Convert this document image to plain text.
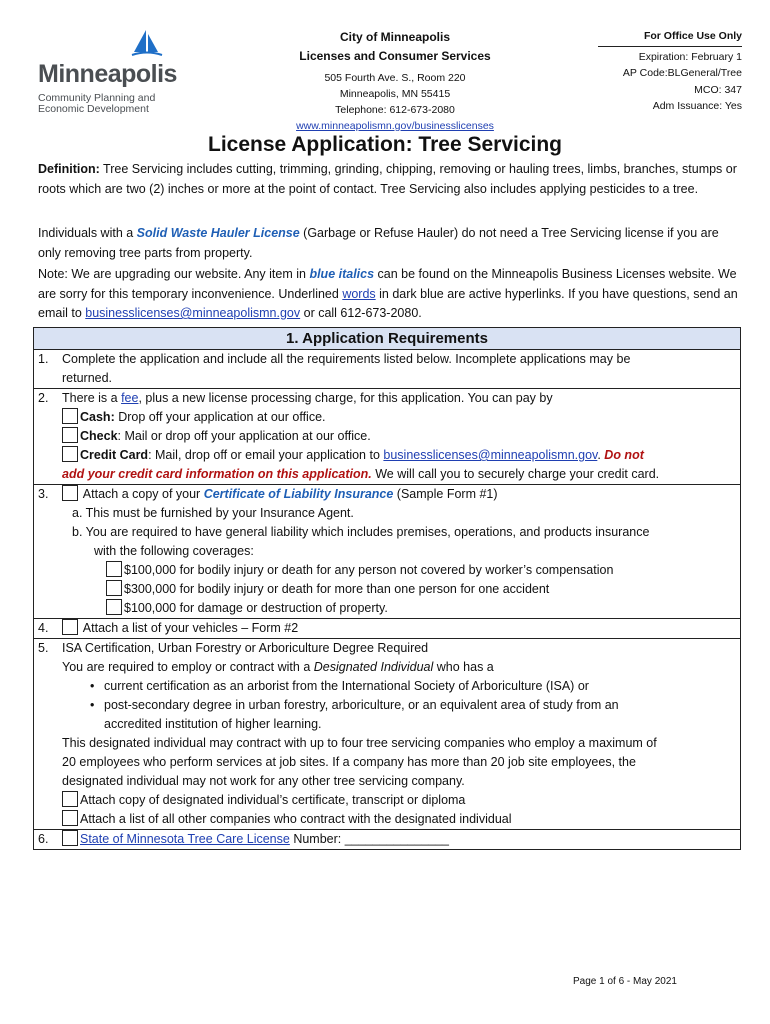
Minneapolis
Community Planning and
Economic Development
City of Minneapolis
Licenses and Consumer Services
505 Fourth Ave. S., Room 220
Minneapolis, MN 55415
Telephone: 612-673-2080
www.minneapolismn.gov/businesslicenses
For Office Use Only
Expiration: February 1
AP Code:BLGeneral/Tree
MCO: 347
Adm Issuance: Yes
License Application: Tree Servicing
Definition: Tree Servicing includes cutting, trimming, grinding, chipping, removing or hauling trees, limbs, branches, stumps or roots which are two (2) inches or more at the point of contact. Tree Servicing also includes applying pesticides to a tree.
Individuals with a Solid Waste Hauler License (Garbage or Refuse Hauler) do not need a Tree Servicing license if you are only removing tree parts from property.
Note: We are upgrading our website. Any item in blue italics can be found on the Minneapolis Business Licenses website. We are sorry for this temporary inconvenience. Underlined words in dark blue are active hyperlinks. If you have questions, send an email to businesslicenses@minneapolismn.gov or call 612-673-2080.
1. Application Requirements
1. Complete the application and include all the requirements listed below. Incomplete applications may be
returned.
2. There is a fee, plus a new license processing charge, for this application. You can pay by
Cash: Drop off your application at our office.
Check: Mail or drop off your application at our office.
Credit Card: Mail, drop off or email your application to businesslicenses@minneapolismn.gov. Do not
add your credit card information on this application. We will call you to securely charge your credit card.
3.	Attach a copy of your Certificate of Liability Insurance (Sample Form #1)
a. This must be furnished by your Insurance Agent.
b. You are required to have general liability which includes premises, operations, and products insurance
with the following coverages:
$100,000 for bodily injury or death for any person not covered by worker’s compensation
$300,000 for bodily injury or death for more than one person for one accident
$100,000 for damage or destruction of property.
4.	Attach a list of your vehicles – Form #2
5. ISA Certification, Urban Forestry or Arboriculture Degree Required
You are required to employ or contract with a Designated Individual who has a
• current certification as an arborist from the International Society of Arboriculture (ISA) or
• post-secondary degree in urban forestry, arboriculture, or an equivalent area of study from an
accredited institution of higher learning.
This designated individual may contract with up to four tree servicing companies who employ a maximum of
20 employees who perform services at job sites. If a company has more than 20 job site employees, the
designated individual may not work for any other tree servicing company.
Attach copy of designated individual’s certificate, transcript or diploma
Attach a list of all other companies who contract with the designated individual
6.	State of Minnesota Tree Care License Number: _______________
Page 1 of 6 - May 2021
